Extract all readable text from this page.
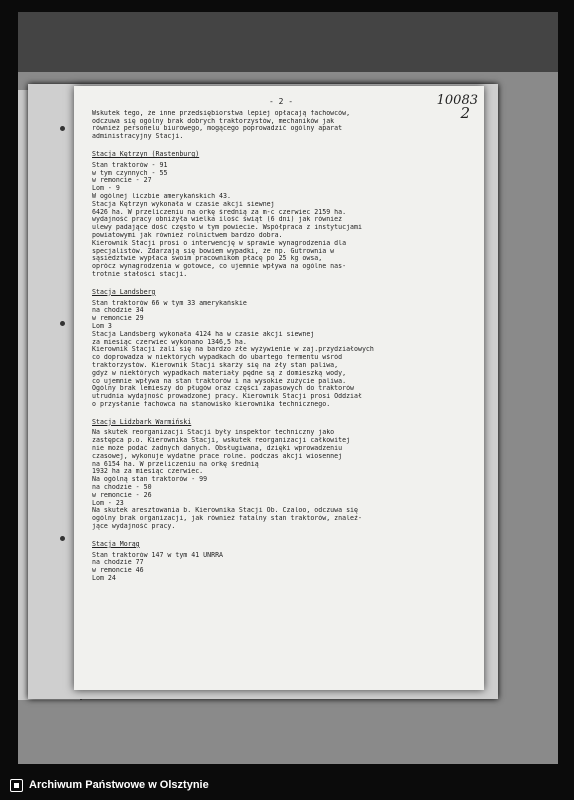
10083
2
- 2 -
Wskutek tego, że inne przedsiębiorstwa lepiej opłacają fachowców,
odczuwa się ogólny brak dobrych traktorzystów, mechaników jak
również personelu biurowego, mogącego poprowadzić ogólny aparat
administracyjny Stacji.
Stacja Kętrzyn (Rastenburg)
Stan traktorów - 91
w tym czynnych - 55
w remoncie - 27
Lom - 9
W ogólnej liczbie amerykańskich 43.
Stacja Kętrzyn wykonała w czasie akcji siewnej
6426 ha. W przeliczeniu na orkę średnią za m-c czerwiec 2159 ha.
wydajność pracy obniżyła wielka ilość świąt (6 dni) jak również
ulewy padające dość często w tym powiecie. Współpraca z instytucjami
powiatowymi jak również rolnictwem bardzo dobra.
Kierownik Stacji prosi o interwencję w sprawie wynagrodzenia dla
specjalistów. Zdarzają się bowiem wypadki, że np. Gutrownia w
sąsiedztwie wypłaca swoim pracownikom płacę po 25 kg owsa,
oprócz wynagrodzenia w gotowce, co ujemnie wpływa na ogólne nas-
trotnie stałości stacji.
Stacja Landsberg
Stan traktorów 66 w tym 33 amerykańskie
na chodzie 34
w remoncie 29
Lom 3
Stacja Landsberg wykonała 4124 ha w czasie akcji siewnej
za miesiąc czerwiec wykonano 1346,5 ha.
Kierownik Stacji żali się na bardzo złe wyżywienie w zaj.przydziałowych
co doprowadza w niektórych wypadkach do ubartego fermentu wśród
traktorzystów. Kierownik Stacji skarży się na zły stan paliwa,
gdyż w niektórych wypadkach materiały pędne są z domieszką wody,
co ujemnie wpływa na stan traktorów i na wysokie zużycie paliwa.
Ogólny brak lemieszy do pługów oraz części zapasowych do traktorów
utrudnia wydajność prowadzonej pracy. Kierownik Stacji prosi Oddział
o przysłanie fachowca na stanowisko kierownika technicznego.
Stacja Lidzbark Warmiński
Na skutek reorganizacji Stacji były inspektor techniczny jako
zastępca p.o. Kierownika Stacji, wskutek reorganizacji całkowitej
nie może podać żadnych danych. Obsługiwana, dzięki wprowadzeniu
czasowej, wykonuje wydatne prace rolne. podczas akcji wiosennej
na 6154 ha. W przeliczeniu na orkę średnią
1932 ha za miesiąc czerwiec.
Na ogólną stan traktorów - 99
na chodzie - 50
w remoncie - 26
Lom - 23
Na skutek aresztowania b. Kierownika Stacji Ob. Czaloo, odczuwa się
ogólny brak organizacji, jak również fatalny stan traktorów, znaleź-
jące wydajność pracy.
Stacja Morąg
Stan traktorów 147 w tym 41 UNRRA
na chodzie 77
w remoncie 46
Lom 24
Archiwum Państwowe w Olsztynie
